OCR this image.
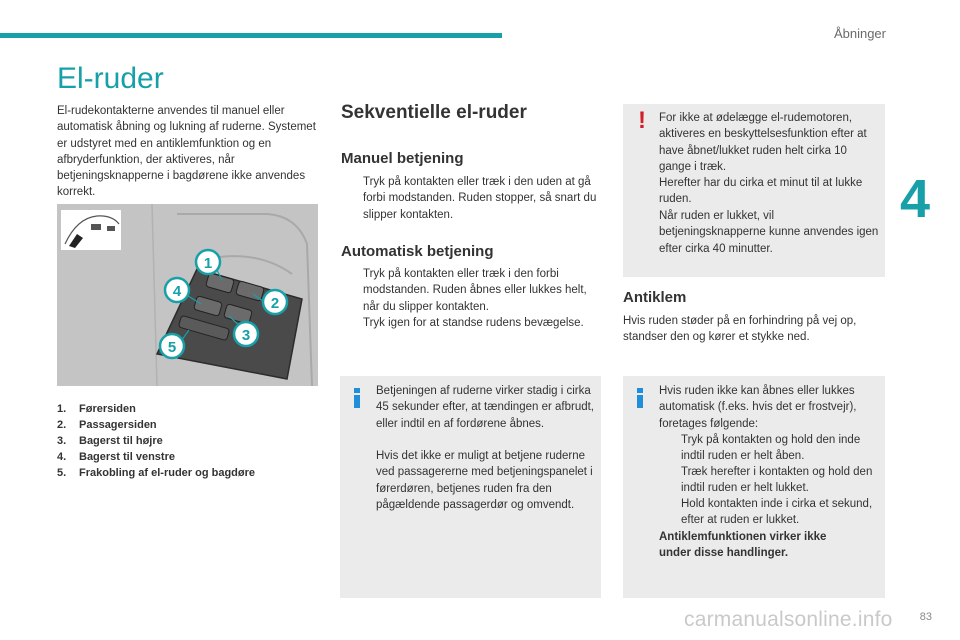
Åbninger
4
El-ruder

El-rudekontakterne anvendes til manuel eller automatisk åbning og lukning af ruderne. Systemet er udstyret med en antiklemfunktion og en afbryderfunktion, der aktiveres, når betjeningsknapperne i bagdørene ikke anvendes korrekt.

1
2
3
4
5
1. Førersiden
2. Passagersiden
3. Bagerst til højre
4. Bagerst til venstre
5. Frakobling af el-ruder og bagdøre
Sekventielle el-ruder
Manuel betjening

Tryk på kontakten eller træk i den uden at gå forbi modstanden. Ruden stopper, så snart du slipper kontakten.

Automatisk betjening

Tryk på kontakten eller træk i den forbi modstanden. Ruden åbnes eller lukkes helt, når du slipper kontakten.

Tryk igen for at standse rudens bevægelse.

Betjeningen af ruderne virker stadig i cirka 45 sekunder efter, at tændingen er afbrudt, eller indtil en af fordørene åbnes.

Hvis det ikke er muligt at betjene ruderne ved passagererne med betjeningspanelet i førerdøren, betjenes ruden fra den pågældende passagerdør og omvendt.

!	For ikke at ødelægge el-rudemotoren, aktiveres en beskyttelsesfunktion efter at have åbnet/lukket ruden helt cirka 10 gange i træk.

Herefter har du cirka et minut til at lukke ruden.

Når ruden er lukket, vil betjeningsknapperne kunne anvendes igen efter cirka 40 minutter.

Antiklem

Hvis ruden støder på en forhindring på vej op, standser den og kører et stykke ned.

Hvis ruden ikke kan åbnes eller lukkes automatisk (f.eks. hvis det er frostvejr), foretages følgende:

Tryk på kontakten og hold den inde indtil ruden er helt åben.

Træk herefter i kontakten og hold den indtil ruden er helt lukket.

Hold kontakten inde i cirka et sekund, efter at ruden er lukket.

Antiklemfunktionen virker ikke under disse handlinger.

carmanualsonline.info 83
